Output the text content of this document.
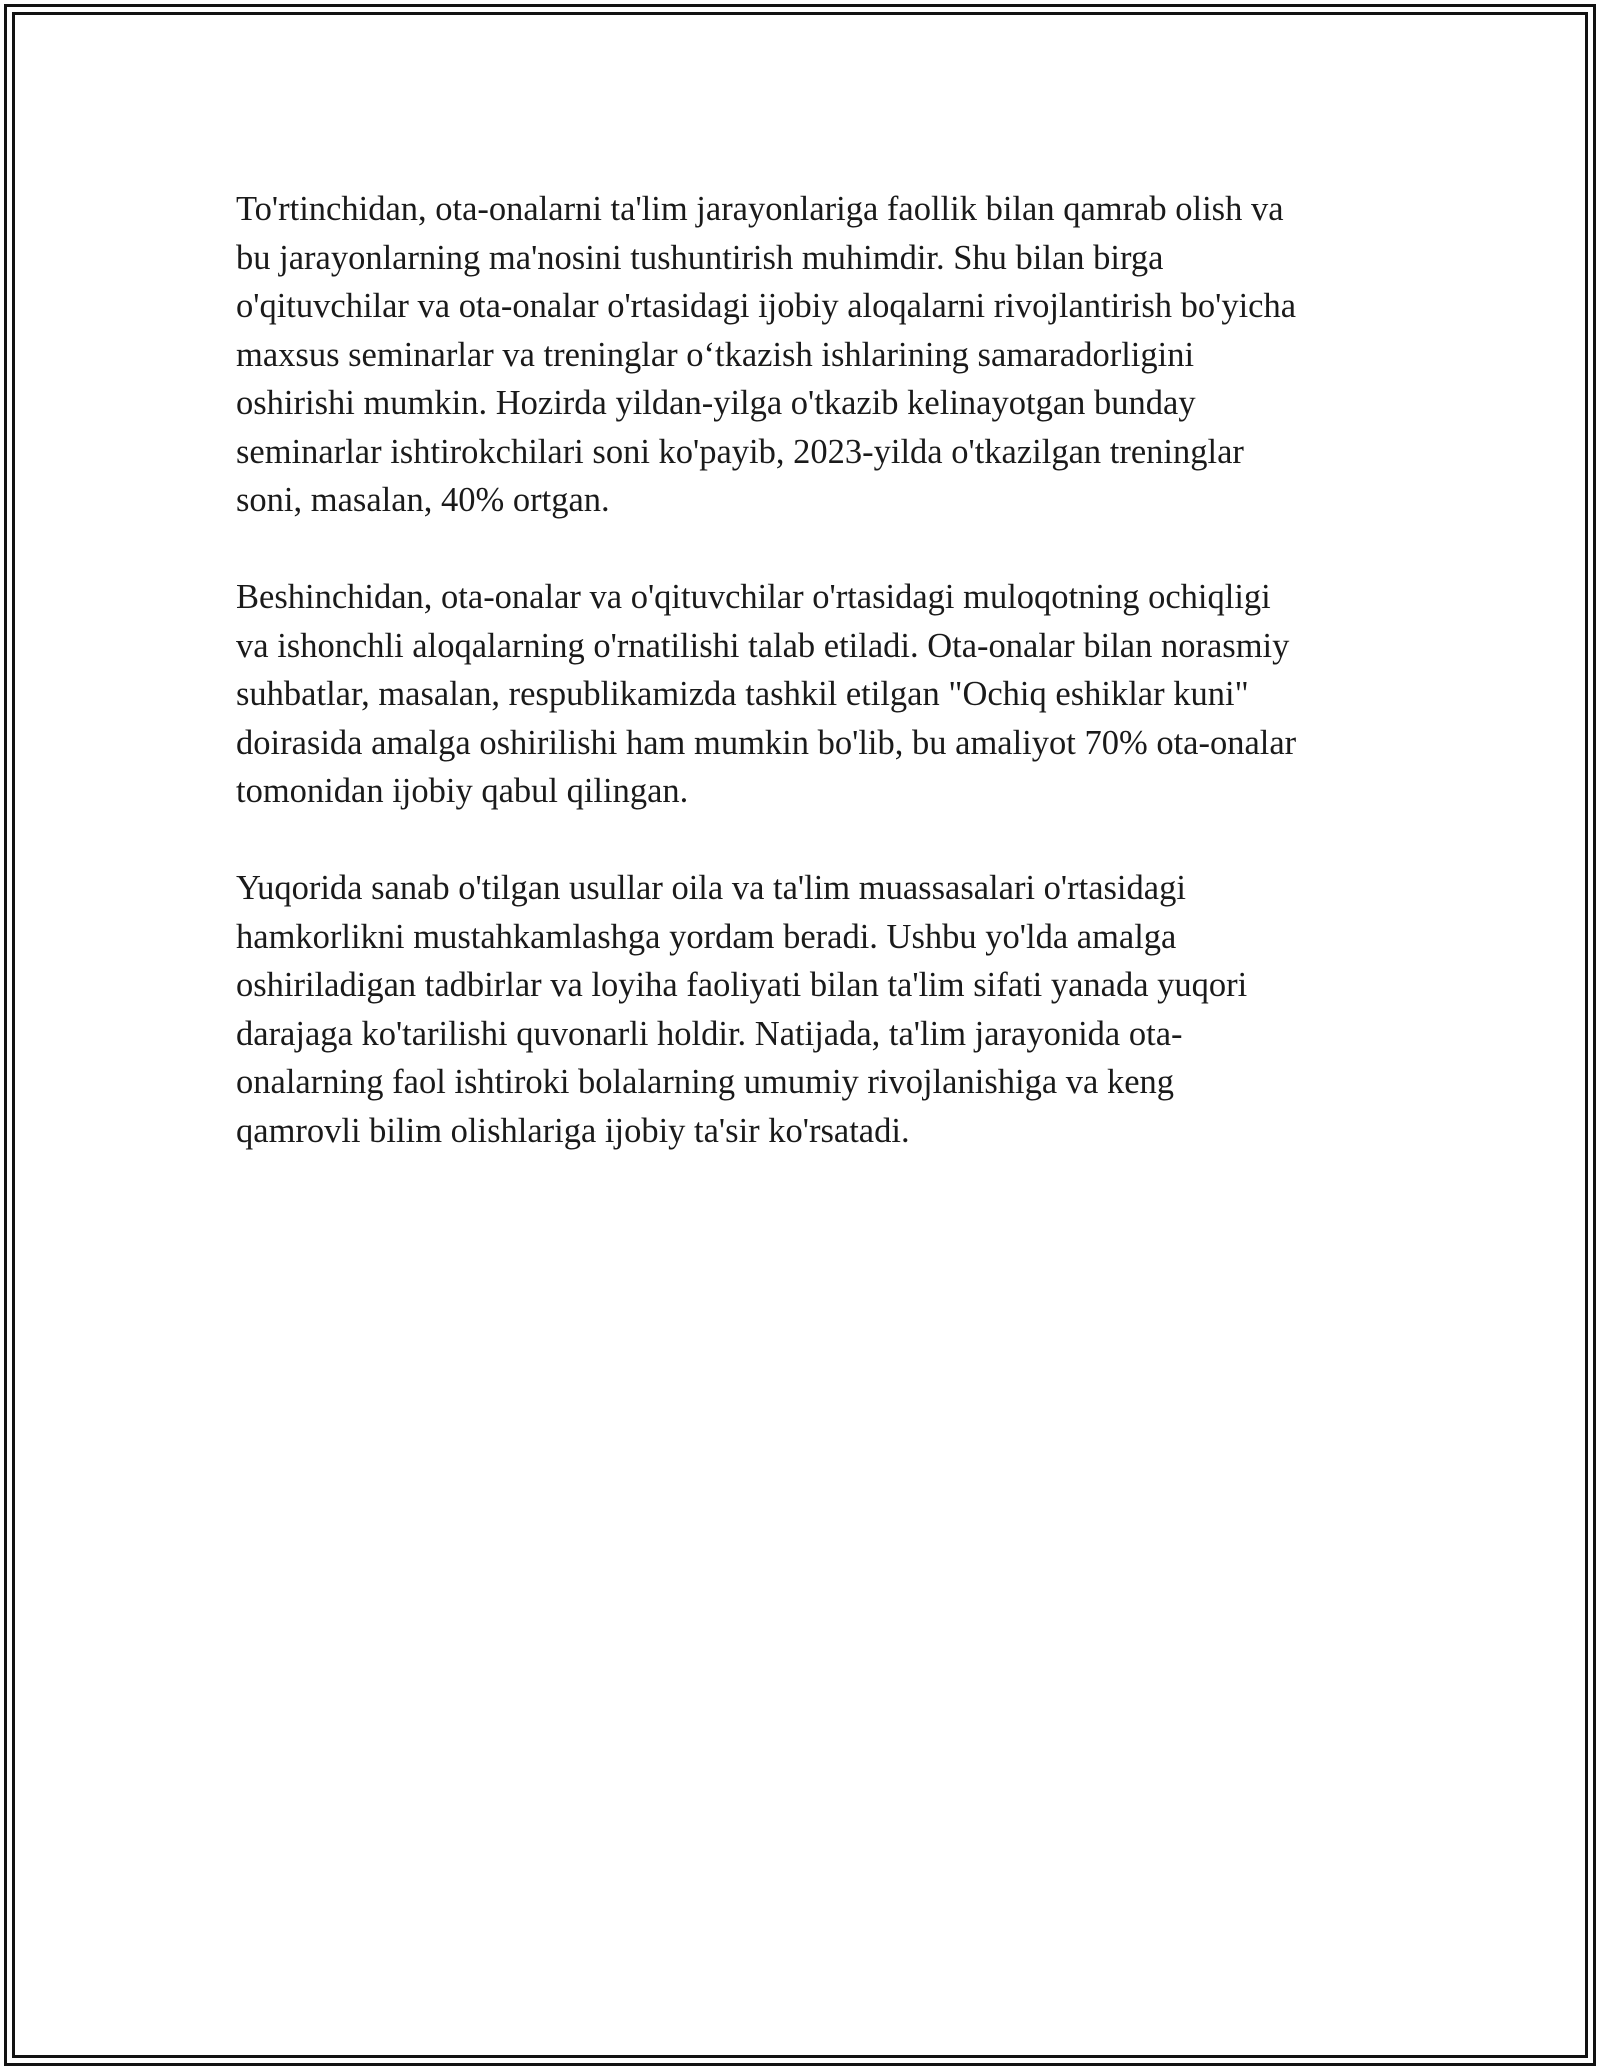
To'rtinchidan, ota-onalarni ta'lim jarayonlariga faollik bilan qamrab olish va
bu jarayonlarning ma'nosini tushuntirish muhimdir. Shu bilan birga
o'qituvchilar va ota-onalar o'rtasidagi ijobiy aloqalarni rivojlantirish bo'yicha
maxsus seminarlar va treninglar o‘tkazish ishlarining samaradorligini
oshirishi mumkin. Hozirda yildan-yilga o'tkazib kelinayotgan bunday
seminarlar ishtirokchilari soni ko'payib, 2023-yilda o'tkazilgan treninglar
soni, masalan, 40% ortgan.

Beshinchidan, ota-onalar va o'qituvchilar o'rtasidagi muloqotning ochiqligi
va ishonchli aloqalarning o'rnatilishi talab etiladi. Ota-onalar bilan norasmiy
suhbatlar, masalan, respublikamizda tashkil etilgan "Ochiq eshiklar kuni"
doirasida amalga oshirilishi ham mumkin bo'lib, bu amaliyot 70% ota-onalar
tomonidan ijobiy qabul qilingan.

Yuqorida sanab o'tilgan usullar oila va ta'lim muassasalari o'rtasidagi
hamkorlikni mustahkamlashga yordam beradi. Ushbu yo'lda amalga
oshiriladigan tadbirlar va loyiha faoliyati bilan ta'lim sifati yanada yuqori
darajaga ko'tarilishi quvonarli holdir. Natijada, ta'lim jarayonida ota-
onalarning faol ishtiroki bolalarning umumiy rivojlanishiga va keng
qamrovli bilim olishlariga ijobiy ta'sir ko'rsatadi.
